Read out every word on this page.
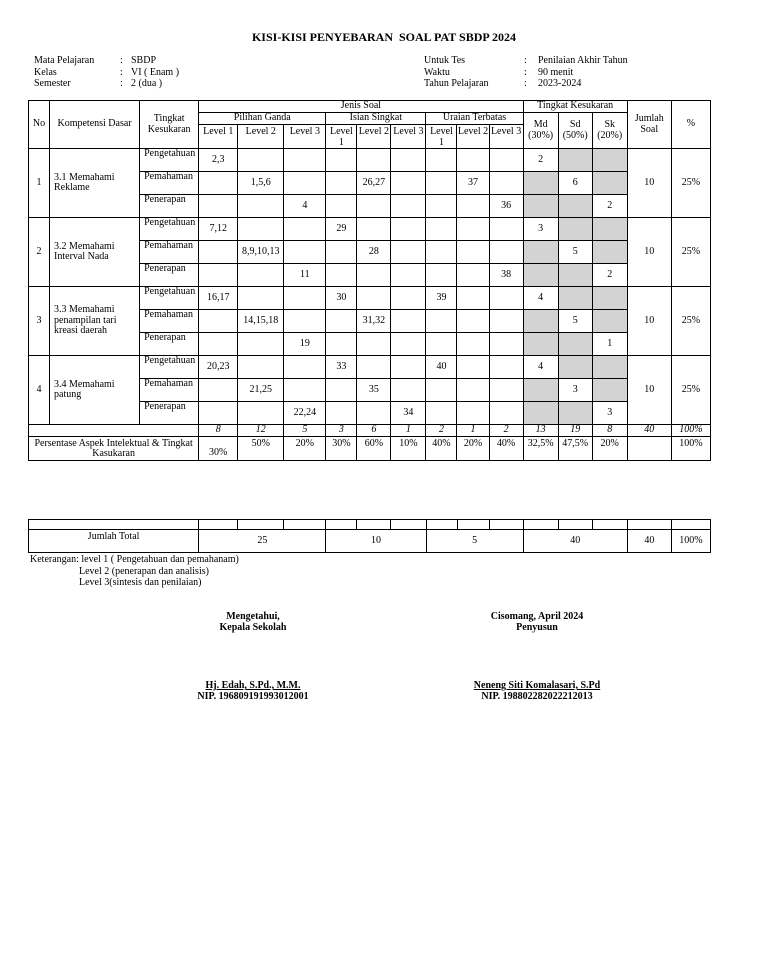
KISI-KISI PENYEBARAN  SOAL PAT SBDP 2024
Mata Pelajaran	: SBDP
Kelas	: VI ( Enam )
Semester	: 2 (dua )
Untuk Tes	:	Penilaian Akhir Tahun
Waktu	:	90 menit
Tahun Pelajaran	:	2023-2024
No	Kompetensi Dasar	Tingkat Kesukaran	Jenis Soal									Tingkat Kesukaran			Jumlah Soal	%
			Pilihan Ganda			Isian Singkat			Uraian Terbatas			Md (30%)	Sd (50%)	Sk (20%)		
			Level 1	Level 2	Level 3	Level 1	Level 2	Level 3	Level 1	Level 2	Level 3					
1	3.1 Memahami Reklame	Pengetahuan	2,3									2			10	25%
		Pemahaman		1,5,6			26,27			37			6			
		Penerapan			4						36			2		
2	3.2 Memahami Interval Nada	Pengetahuan	7,12			29						3			10	25%
		Pemahaman		8,9,10,13			28						5			
		Penerapan			11						38			2		
3	3.3 Memahami penampilan tari kreasi daerah	Pengetahuan	16,17			30			39			4			10	25%
		Pemahaman		14,15,18			31,32						5			
		Penerapan			19									1		
4	3.4 Memahami patung	Pengetahuan	20,23			33			40			4			10	25%
		Pemahaman		21,25			35						3			
		Penerapan			22,24			34						3		
			8	12	5	3	6	1	2	1	2	13	19	8	40	100%
Persentase Aspek Intelektual & Tingkat Kasukaran			30%	50%	20%	30%	60%	10%	40%	20%	40%	32,5%	47,5%	20%		100%

Jumlah Total	25			10			5			40			40	100%
Keterangan: level 1 ( Pengetahuan dan pemahanam)
Level 2 (penerapan dan analisis)
Level 3(sintesis dan penilaian)
Mengetahui,
Kepala Sekolah
Hj. Edah, S.Pd., M.M.
NIP. 196809191993012001
Cisomang, April 2024
Penyusun
Neneng Siti Komalasari, S.Pd
NIP. 19880228202221​2013
